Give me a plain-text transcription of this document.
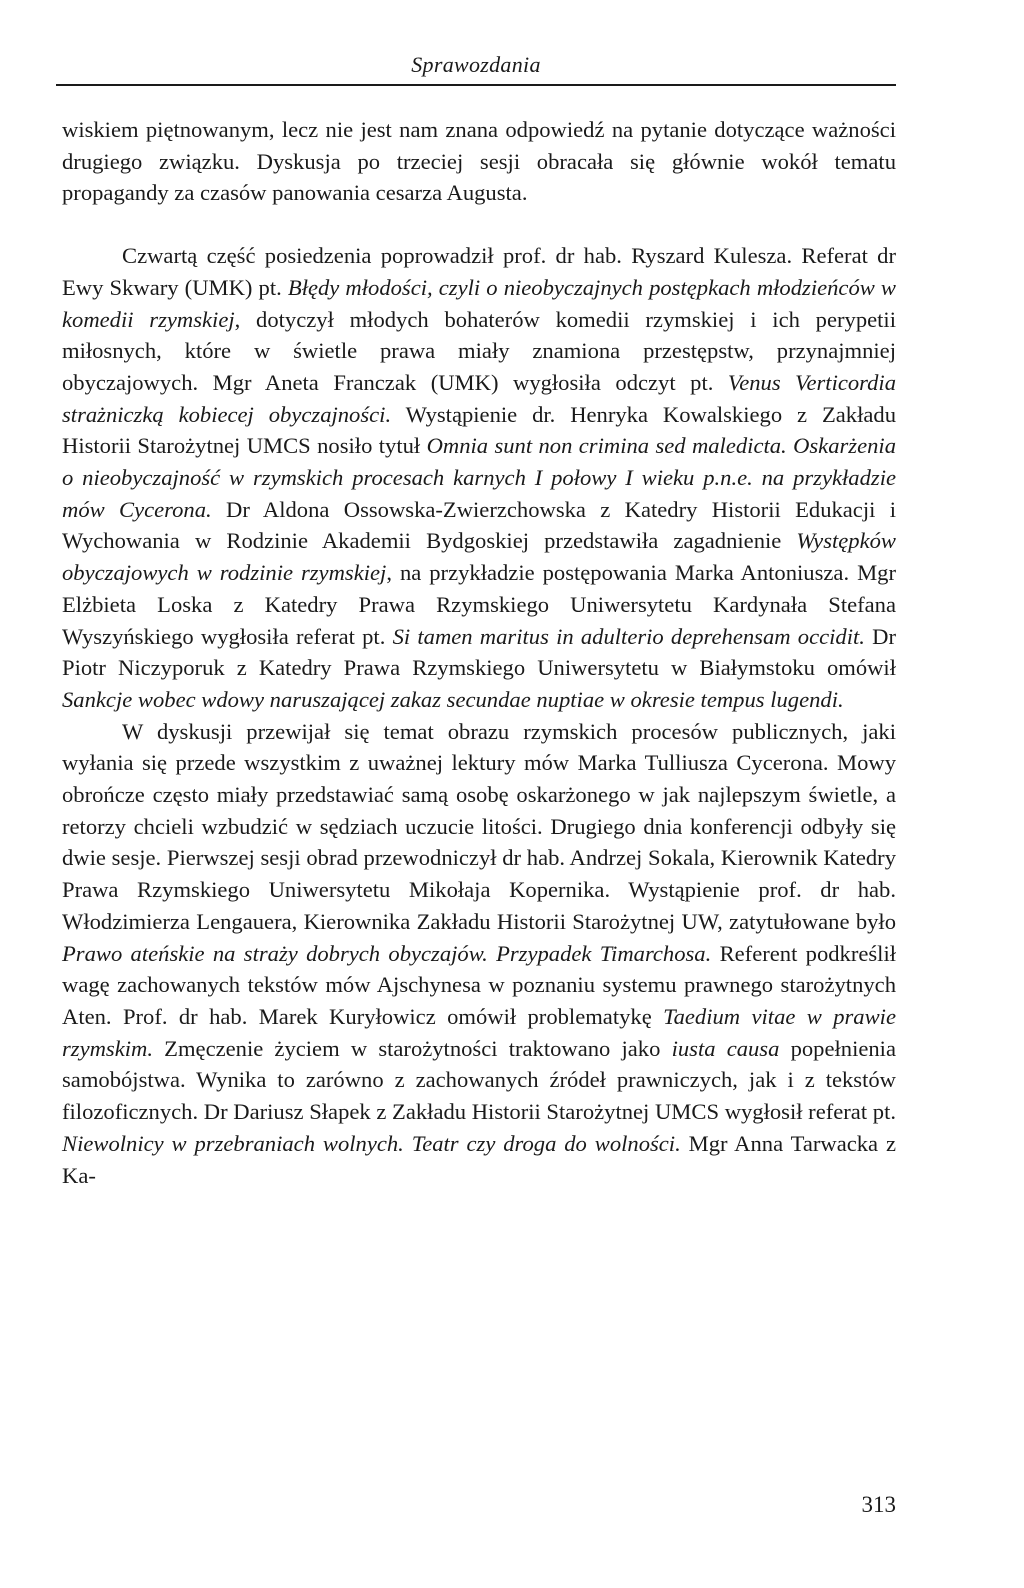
Sprawozdania

wiskiem piętnowanym, lecz nie jest nam znana odpowiedź na pytanie dotyczące ważności drugiego związku. Dyskusja po trzeciej sesji obracała się głównie wokół tematu propagandy za czasów panowania cesarza Augusta.

Czwartą część posiedzenia poprowadził prof. dr hab. Ryszard Kulesza. Referat dr Ewy Skwary (UMK) pt. Błędy młodości, czyli o nieobyczajnych postępkach młodzieńców w komedii rzymskiej, dotyczył młodych bohaterów komedii rzymskiej i ich perypetii miłosnych, które w świetle prawa miały znamiona przestępstw, przynajmniej obyczajowych. Mgr Aneta Franczak (UMK) wygłosiła odczyt pt. Venus Verticordia strażniczką kobiecej obyczajności. Wystąpienie dr. Henryka Kowalskiego z Zakładu Historii Starożytnej UMCS nosiło tytuł Omnia sunt non crimina sed maledicta. Oskarżenia o nieobyczajność w rzymskich procesach karnych I połowy I wieku p.n.e. na przykładzie mów Cycerona. Dr Aldona Ossowska-Zwierzchowska z Katedry Historii Edukacji i Wychowania w Rodzinie Akademii Bydgoskiej przedstawiła zagadnienie Występków obyczajowych w rodzinie rzymskiej, na przykładzie postępowania Marka Antoniusza. Mgr Elżbieta Loska z Katedry Prawa Rzymskiego Uniwersytetu Kardynała Stefana Wyszyńskiego wygłosiła referat pt. Si tamen maritus in adulterio deprehensam occidit. Dr Piotr Niczyporuk z Katedry Prawa Rzymskiego Uniwersytetu w Białymstoku omówił Sankcje wobec wdowy naruszającej zakaz secundae nuptiae w okresie tempus lugendi.

W dyskusji przewijał się temat obrazu rzymskich procesów publicznych, jaki wyłania się przede wszystkim z uważnej lektury mów Marka Tulliusza Cycerona. Mowy obrończe często miały przedstawiać samą osobę oskarżonego w jak najlepszym świetle, a retorzy chcieli wzbudzić w sędziach uczucie litości. Drugiego dnia konferencji odbyły się dwie sesje. Pierwszej sesji obrad przewodniczył dr hab. Andrzej Sokala, Kierownik Katedry Prawa Rzymskiego Uniwersytetu Mikołaja Kopernika. Wystąpienie prof. dr hab. Włodzimierza Lengauera, Kierownika Zakładu Historii Starożytnej UW, zatytułowane było Prawo ateńskie na straży dobrych obyczajów. Przypadek Timarchosa. Referent podkreślił wagę zachowanych tekstów mów Ajschynesa w poznaniu systemu prawnego starożytnych Aten. Prof. dr hab. Marek Kuryłowicz omówił problematykę Taedium vitae w prawie rzymskim. Zmęczenie życiem w starożytności traktowano jako iusta causa popełnienia samobójstwa. Wynika to zarówno z zachowanych źródeł prawniczych, jak i z tekstów filozoficznych. Dr Dariusz Słapek z Zakładu Historii Starożytnej UMCS wygłosił referat pt. Niewolnicy w przebraniach wolnych. Teatr czy droga do wolności. Mgr Anna Tarwacka z Ka-

313
